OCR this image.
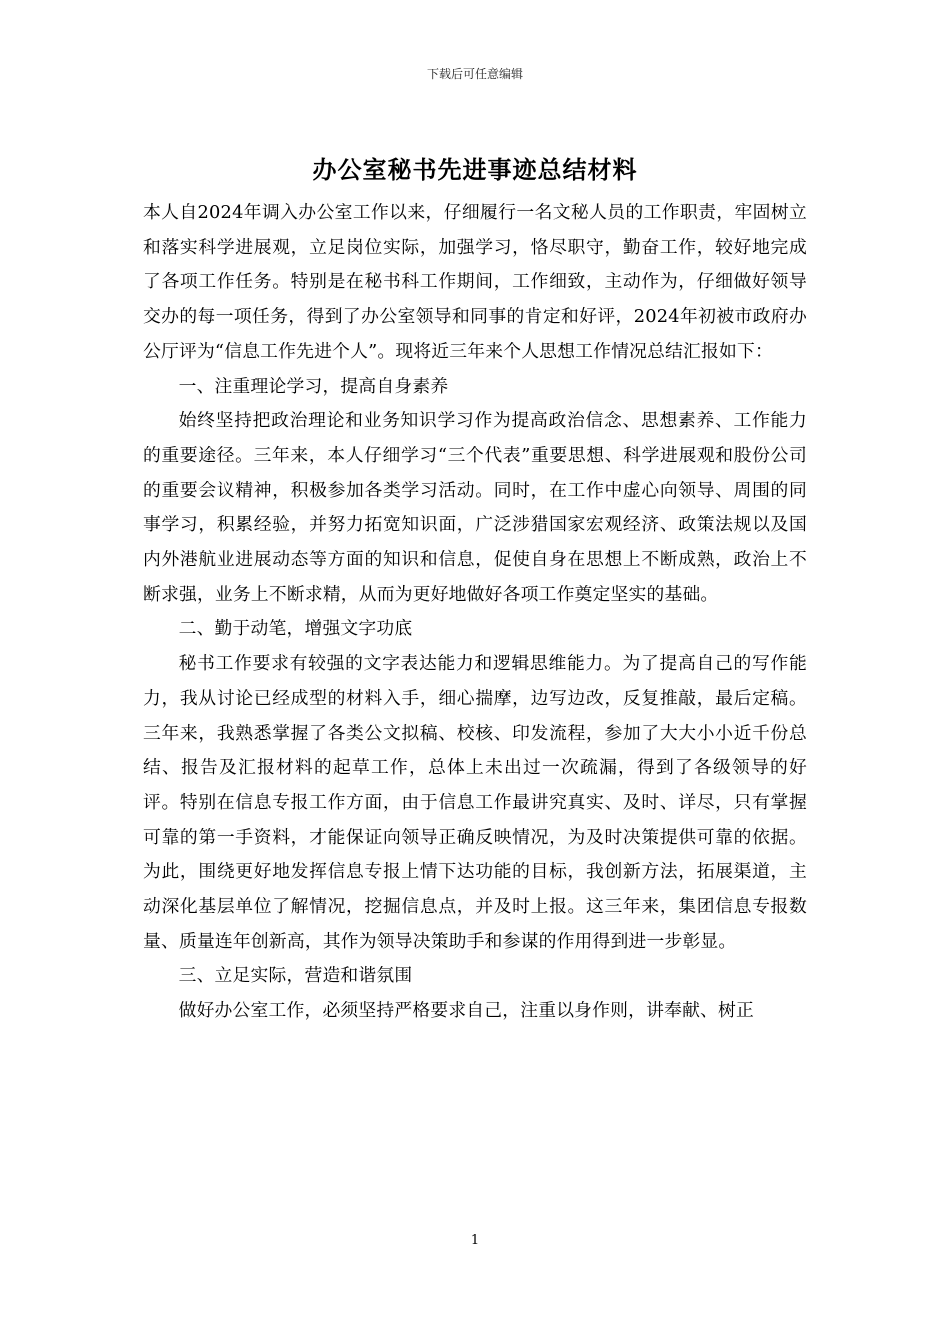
下载后可任意编辑
办公室秘书先进事迹总结材料

本人自2024年调入办公室工作以来，仔细履行一名文秘人员的工作职责，牢固树立和落实科学进展观，立足岗位实际，加强学习，恪尽职守，勤奋工作，较好地完成了各项工作任务。特别是在秘书科工作期间，工作细致，主动作为，仔细做好领导交办的每一项任务，得到了办公室领导和同事的肯定和好评，2024年初被市政府办公厅评为“信息工作先进个人”。现将近三年来个人思想工作情况总结汇报如下：

一、注重理论学习，提高自身素养

始终坚持把政治理论和业务知识学习作为提高政治信念、思想素养、工作能力的重要途径。三年来，本人仔细学习“三个代表”重要思想、科学进展观和股份公司的重要会议精神，积极参加各类学习活动。同时，在工作中虚心向领导、周围的同事学习，积累经验，并努力拓宽知识面，广泛涉猎国家宏观经济、政策法规以及国内外港航业进展动态等方面的知识和信息，促使自身在思想上不断成熟，政治上不断求强，业务上不断求精，从而为更好地做好各项工作奠定坚实的基础。

二、勤于动笔，增强文字功底

秘书工作要求有较强的文字表达能力和逻辑思维能力。为了提高自己的写作能力，我从讨论已经成型的材料入手，细心揣摩，边写边改，反复推敲，最后定稿。三年来，我熟悉掌握了各类公文拟稿、校核、印发流程，参加了大大小小近千份总结、报告及汇报材料的起草工作，总体上未出过一次疏漏，得到了各级领导的好评。特别在信息专报工作方面，由于信息工作最讲究真实、及时、详尽，只有掌握可靠的第一手资料，才能保证向领导正确反映情况，为及时决策提供可靠的依据。为此，围绕更好地发挥信息专报上情下达功能的目标，我创新方法，拓展渠道，主动深化基层单位了解情况，挖掘信息点，并及时上报。这三年来，集团信息专报数量、质量连年创新高，其作为领导决策助手和参谋的作用得到进一步彰显。

三、立足实际，营造和谐氛围

做好办公室工作，必须坚持严格要求自己，注重以身作则，讲奉献、树正

1
